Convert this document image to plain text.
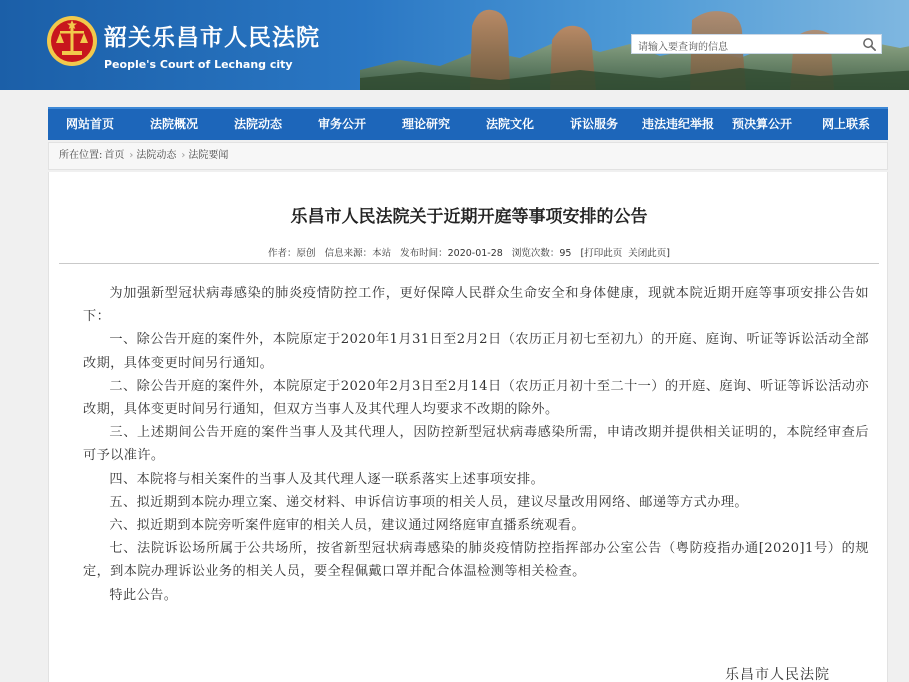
韶关乐昌市人民法院
People's Court of Lechang city
请输入要查询的信息
网站首页	法院概况	法院动态	审务公开	理论研究	法院文化	诉讼服务	违法违纪举报	预决算公开	网上联系
所在位置: 首页 › 法院动态 › 法院要闻
乐昌市人民法院关于近期开庭等事项安排的公告
作者：原创 信息来源：本站 发布时间：2020-01-28 浏览次数：95 [打印此页 关闭此页]

为加强新型冠状病毒感染的肺炎疫情防控工作，更好保障人民群众生命安全和身体健康，现就本院近期开庭等事项安排公告如下：

一、除公告开庭的案件外，本院原定于2020年1月31日至2月2日（农历正月初七至初九）的开庭、庭询、听证等诉讼活动全部改期，具体变更时间另行通知。

二、除公告开庭的案件外，本院原定于2020年2月3日至2月14日（农历正月初十至二十一）的开庭、庭询、听证等诉讼活动亦改期，具体变更时间另行通知，但双方当事人及其代理人均要求不改期的除外。

三、上述期间公告开庭的案件当事人及其代理人，因防控新型冠状病毒感染所需，申请改期并提供相关证明的，本院经审查后可予以准许。

四、本院将与相关案件的当事人及其代理人逐一联系落实上述事项安排。

五、拟近期到本院办理立案、递交材料、申诉信访事项的相关人员，建议尽量改用网络、邮递等方式办理。

六、拟近期到本院旁听案件庭审的相关人员，建议通过网络庭审直播系统观看。

七、法院诉讼场所属于公共场所，按省新型冠状病毒感染的肺炎疫情防控指挥部办公室公告（粤防疫指办通[2020]1号）的规定，到本院办理诉讼业务的相关人员，要全程佩戴口罩并配合体温检测等相关检查。

特此公告。

乐昌市人民法院
